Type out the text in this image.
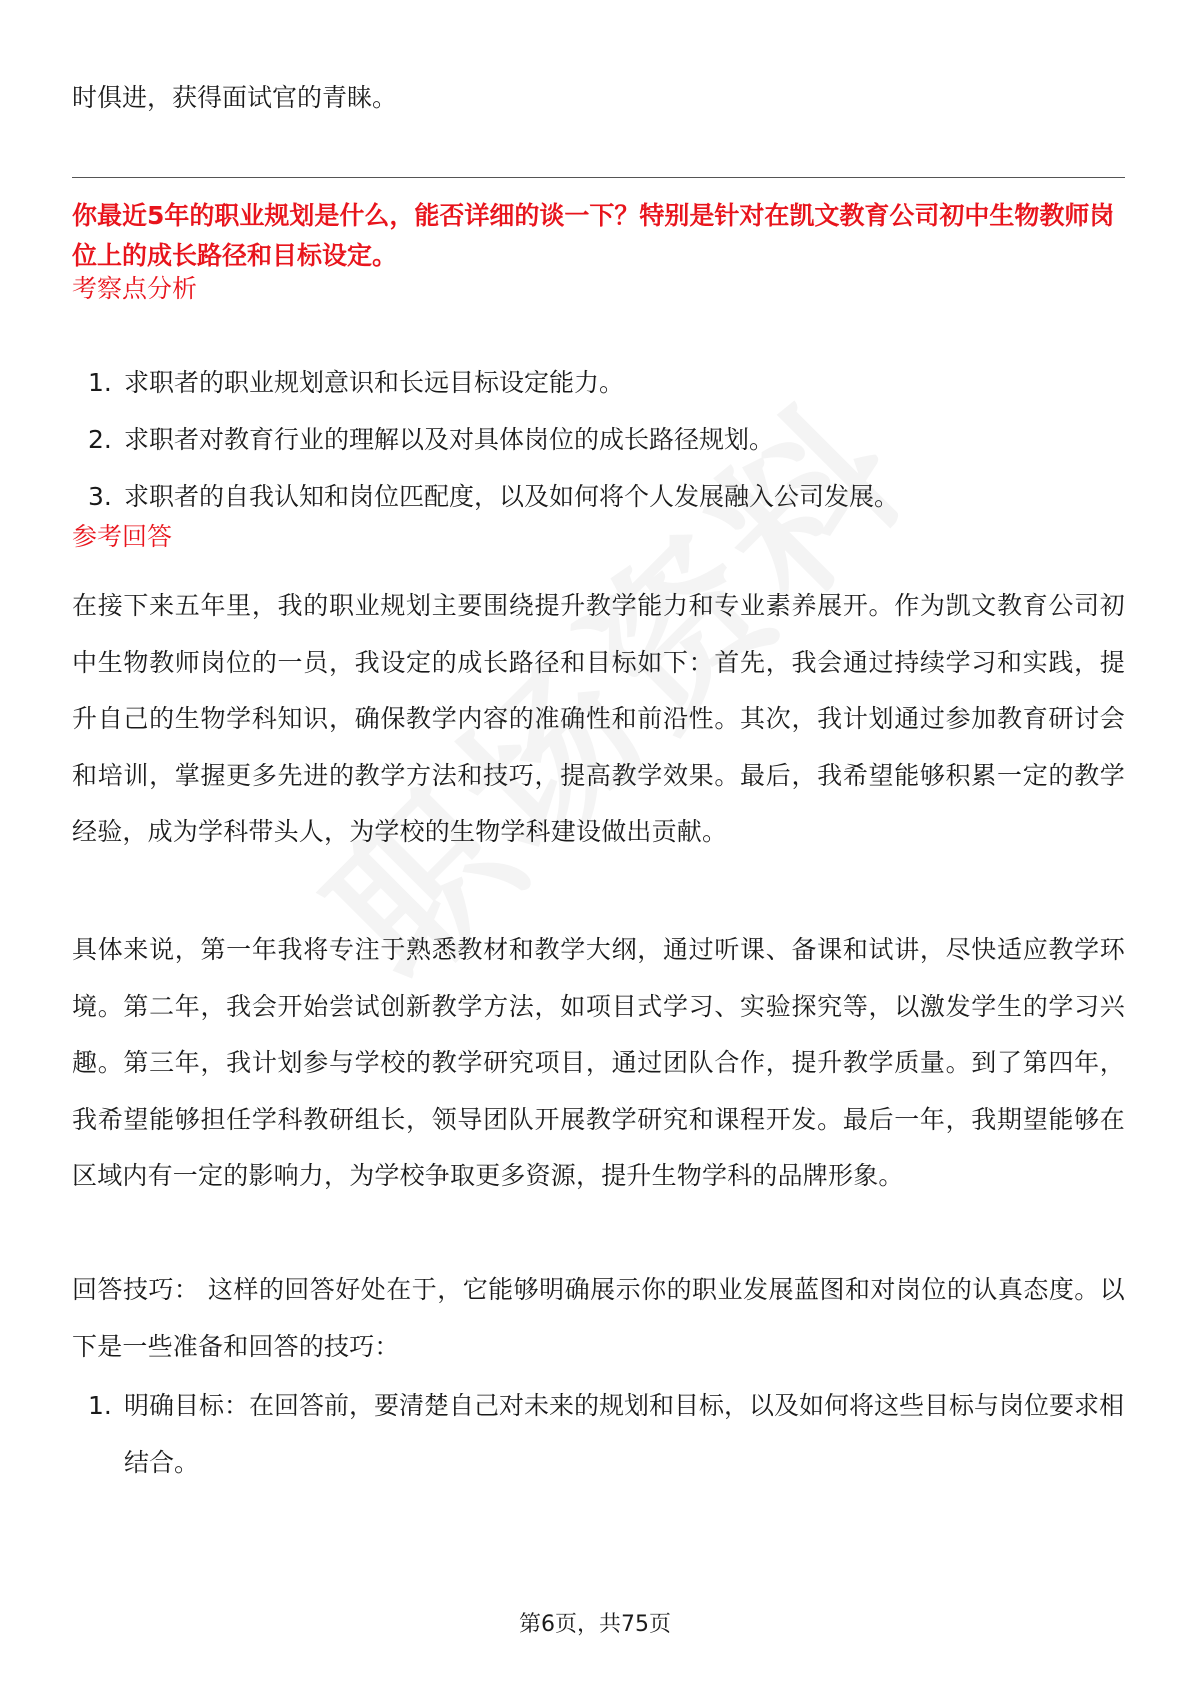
时俱进，获得面试官的青睐。
你最近5年的职业规划是什么，能否详细的谈一下？特别是针对在凯文教育公司初中生物教师岗位上的成长路径和目标设定。
考察点分析
1. 求职者的职业规划意识和长远目标设定能力。
2. 求职者对教育行业的理解以及对具体岗位的成长路径规划。
3. 求职者的自我认知和岗位匹配度，以及如何将个人发展融入公司发展。
参考回答

在接下来五年里，我的职业规划主要围绕提升教学能力和专业素养展开。作为凯文教育公司初中生物教师岗位的一员，我设定的成长路径和目标如下：首先，我会通过持续学习和实践，提升自己的生物学科知识，确保教学内容的准确性和前沿性。其次，我计划通过参加教育研讨会和培训，掌握更多先进的教学方法和技巧，提高教学效果。最后，我希望能够积累一定的教学经验，成为学科带头人，为学校的生物学科建设做出贡献。

具体来说，第一年我将专注于熟悉教材和教学大纲，通过听课、备课和试讲，尽快适应教学环境。第二年，我会开始尝试创新教学方法，如项目式学习、实验探究等，以激发学生的学习兴趣。第三年，我计划参与学校的教学研究项目，通过团队合作，提升教学质量。到了第四年，我希望能够担任学科教研组长，领导团队开展教学研究和课程开发。最后一年，我期望能够在区域内有一定的影响力，为学校争取更多资源，提升生物学科的品牌形象。

回答技巧： 这样的回答好处在于，它能够明确展示你的职业发展蓝图和对岗位的认真态度。以下是一些准备和回答的技巧：

1. 明确目标：在回答前，要清楚自己对未来的规划和目标，以及如何将这些目标与岗位要求相结合。
第6页，共75页
